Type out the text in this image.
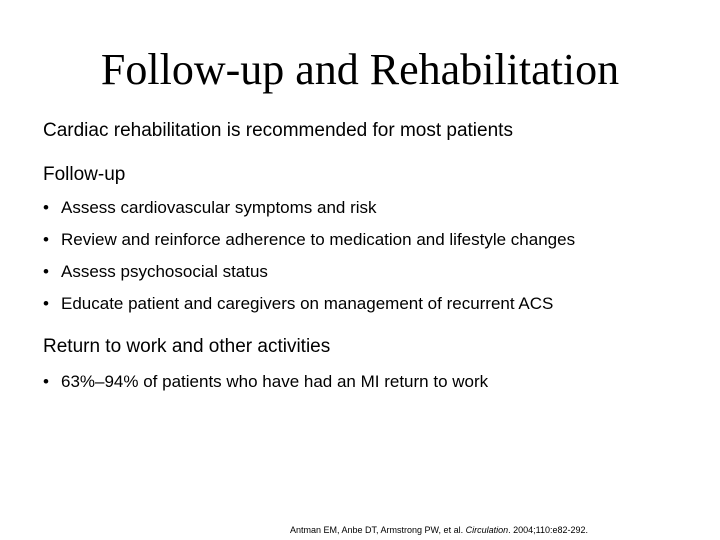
Follow-up and Rehabilitation

Cardiac rehabilitation is recommended for most patients

Follow-up

• Assess cardiovascular symptoms and risk
• Review and reinforce adherence to medication and lifestyle changes
• Assess psychosocial status
• Educate patient and caregivers on management of recurrent ACS

Return to work and other activities

• 63%–94% of patients who have had an MI return to work
Antman EM, Anbe DT, Armstrong PW, et al. Circulation. 2004;110:e82-292.
